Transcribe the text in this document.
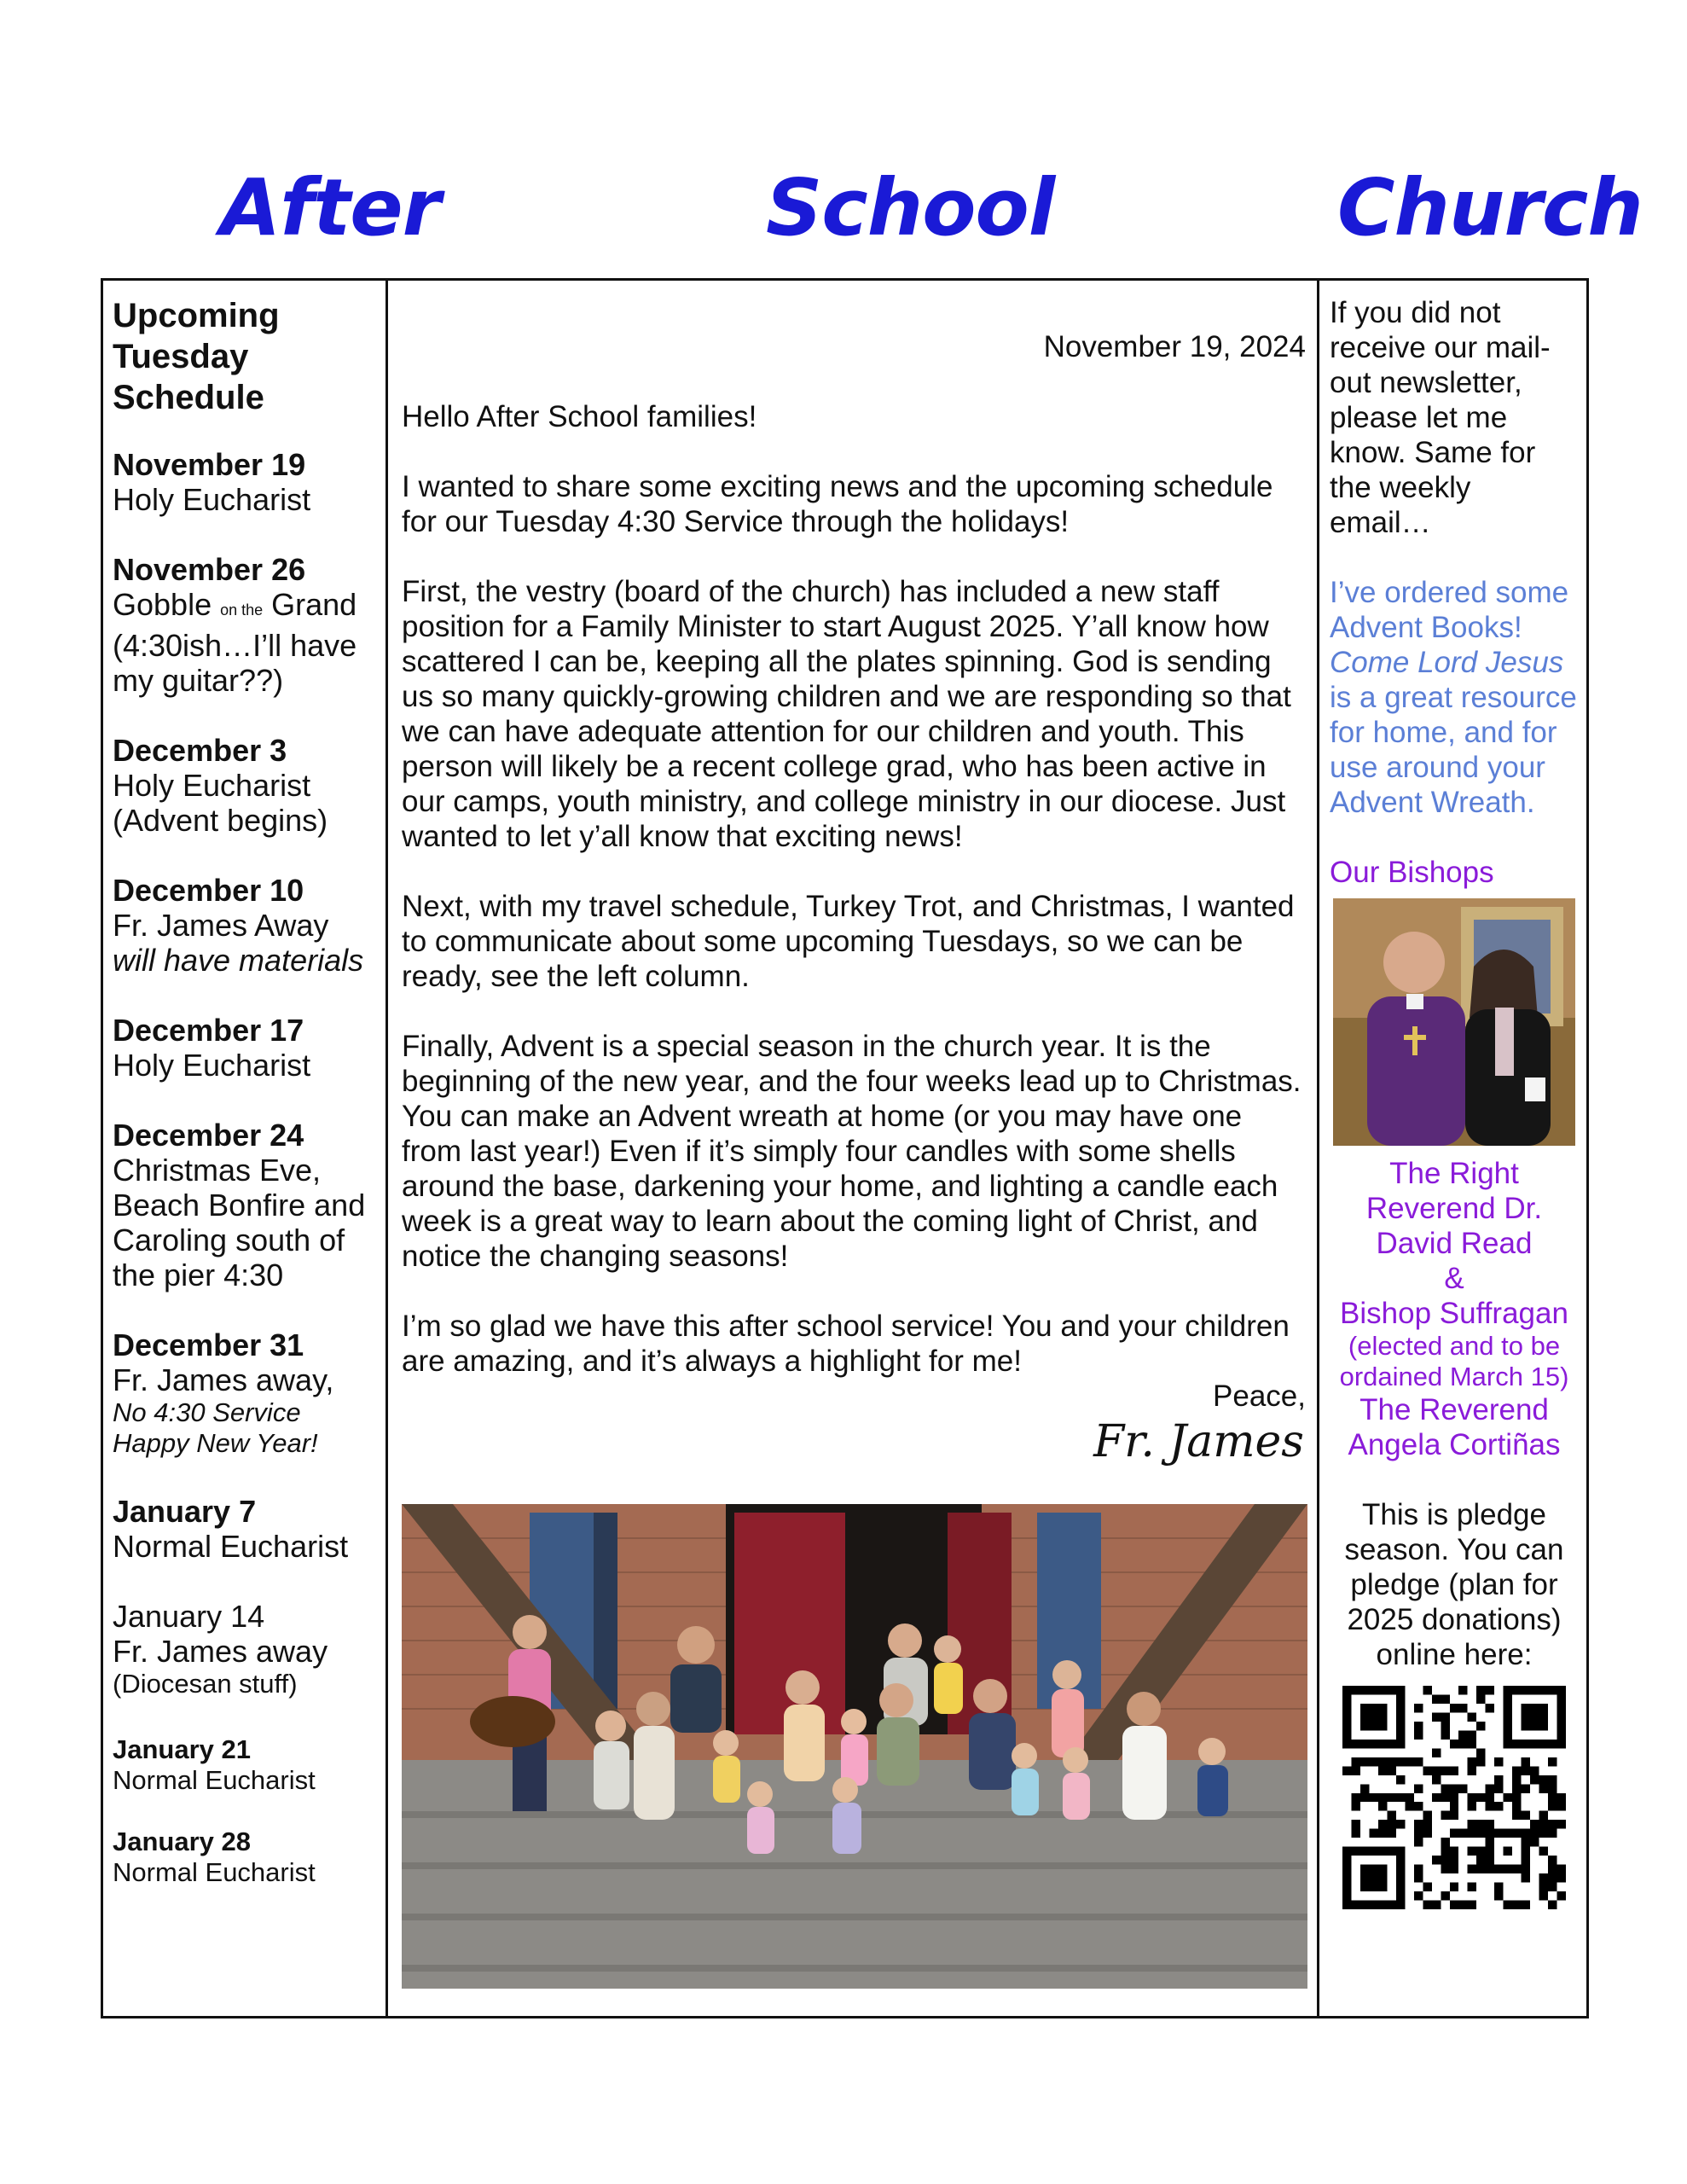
After	School	Church
Upcoming Tuesday Schedule
November 19
Holy Eucharist
November 26
Gobble on the Grand
(4:30ish…I’ll have my guitar??)
December 3
Holy Eucharist
(Advent begins)
December 10
Fr. James Away
will have materials
December 17
Holy Eucharist
December 24
Christmas Eve, Beach Bonfire and Caroling south of the pier 4:30
December 31
Fr. James away,
No 4:30 Service
Happy New Year!
January 7
Normal Eucharist
January 14
Fr. James away
(Diocesan stuff)
January 21
Normal Eucharist
January 28
Normal Eucharist
November 19, 2024

Hello After School families!

I wanted to share some exciting news and the upcoming schedule for our Tuesday 4:30 Service through the holidays!

First, the vestry (board of the church) has included a new staff position for a Family Minister to start August 2025. Y’all know how scattered I can be, keeping all the plates spinning. God is sending us so many quickly-growing children and we are responding so that we can have adequate attention for our children and youth. This person will likely be a recent college grad, who has been active in our camps, youth ministry, and college ministry in our diocese. Just wanted to let y’all know that exciting news!

Next, with my travel schedule, Turkey Trot, and Christmas, I wanted to communicate about some upcoming Tuesdays, so we can be ready, see the left column.

Finally, Advent is a special season in the church year. It is the beginning of the new year, and the four weeks lead up to Christmas. You can make an Advent wreath at home (or you may have one from last year!) Even if it’s simply four candles with some shells around the base, darkening your home, and lighting a candle each week is a great way to learn about the coming light of Christ, and notice the changing seasons!

I’m so glad we have this after school service! You and your children are amazing, and it’s always a highlight for me!

Peace,
Fr. James

If you did not receive our mail-out newsletter, please let me know. Same for the weekly email…

I’ve ordered some Advent Books! Come Lord Jesus is a great resource for home, and for use around your Advent Wreath.

Our Bishops
The Right Reverend Dr. David Read
&
Bishop Suffragan
(elected and to be ordained March 15)
The Reverend Angela Cortiñas
This is pledge season. You can pledge (plan for 2025 donations) online here:
